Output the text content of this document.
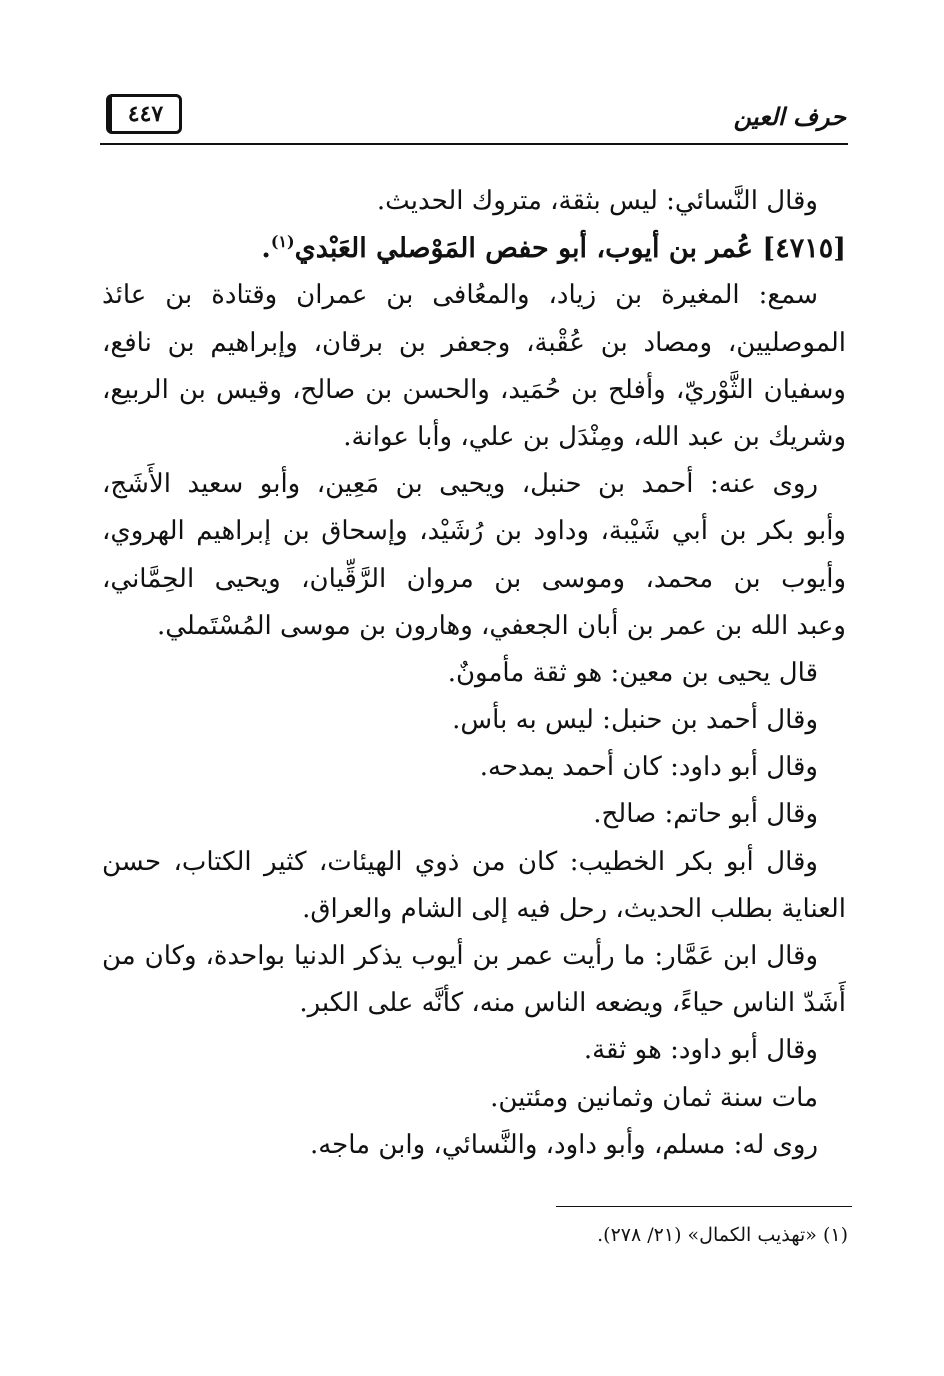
٤٤٧	حرف العين
وقال النَّسائي: ليس بثقة، متروك الحديث.
[٤٧١٥] عُمر بن أيوب، أبو حفص المَوْصلي العَبْدي$^{(١)}$.
سمع: المغيرة بن زياد، والمعُافى بن عمران وقتادة بن عائذ
الموصليين، ومصاد بن عُقْبة، وجعفر بن برقان، وإبراهيم بن نافع،
وسفيان الثَّوْريّ، وأفلح بن حُمَيد، والحسن بن صالح، وقيس بن الربيع،
وشريك بن عبد الله، ومِنْدَل بن علي، وأبا عوانة.
روى عنه: أحمد بن حنبل، ويحيى بن مَعِين، وأبو سعيد الأَشَج،
وأبو بكر بن أبي شَيْبة، وداود بن رُشَيْد، وإسحاق بن إبراهيم الهروي،
وأيوب بن محمد، وموسى بن مروان الرَّقِّيان، ويحيى الحِمَّاني،
وعبد الله بن عمر بن أبان الجعفي، وهارون بن موسى المُسْتَملي.
قال يحيى بن معين: هو ثقة مأمونٌ.
وقال أحمد بن حنبل: ليس به بأس.
وقال أبو داود: كان أحمد يمدحه.
وقال أبو حاتم: صالح.
وقال أبو بكر الخطيب: كان من ذوي الهيئات، كثير الكتاب، حسن
العناية بطلب الحديث، رحل فيه إلى الشام والعراق.
وقال ابن عَمَّار: ما رأيت عمر بن أيوب يذكر الدنيا بواحدة، وكان من
أَشَدّ الناس حياءً، ويضعه الناس منه، كأنَّه على الكبر.
وقال أبو داود: هو ثقة.
مات سنة ثمان وثمانين ومئتين.
روى له: مسلم، وأبو داود، والنَّسائي، وابن ماجه.
(١) «تهذيب الكمال» (٢١/ ٢٧٨).
